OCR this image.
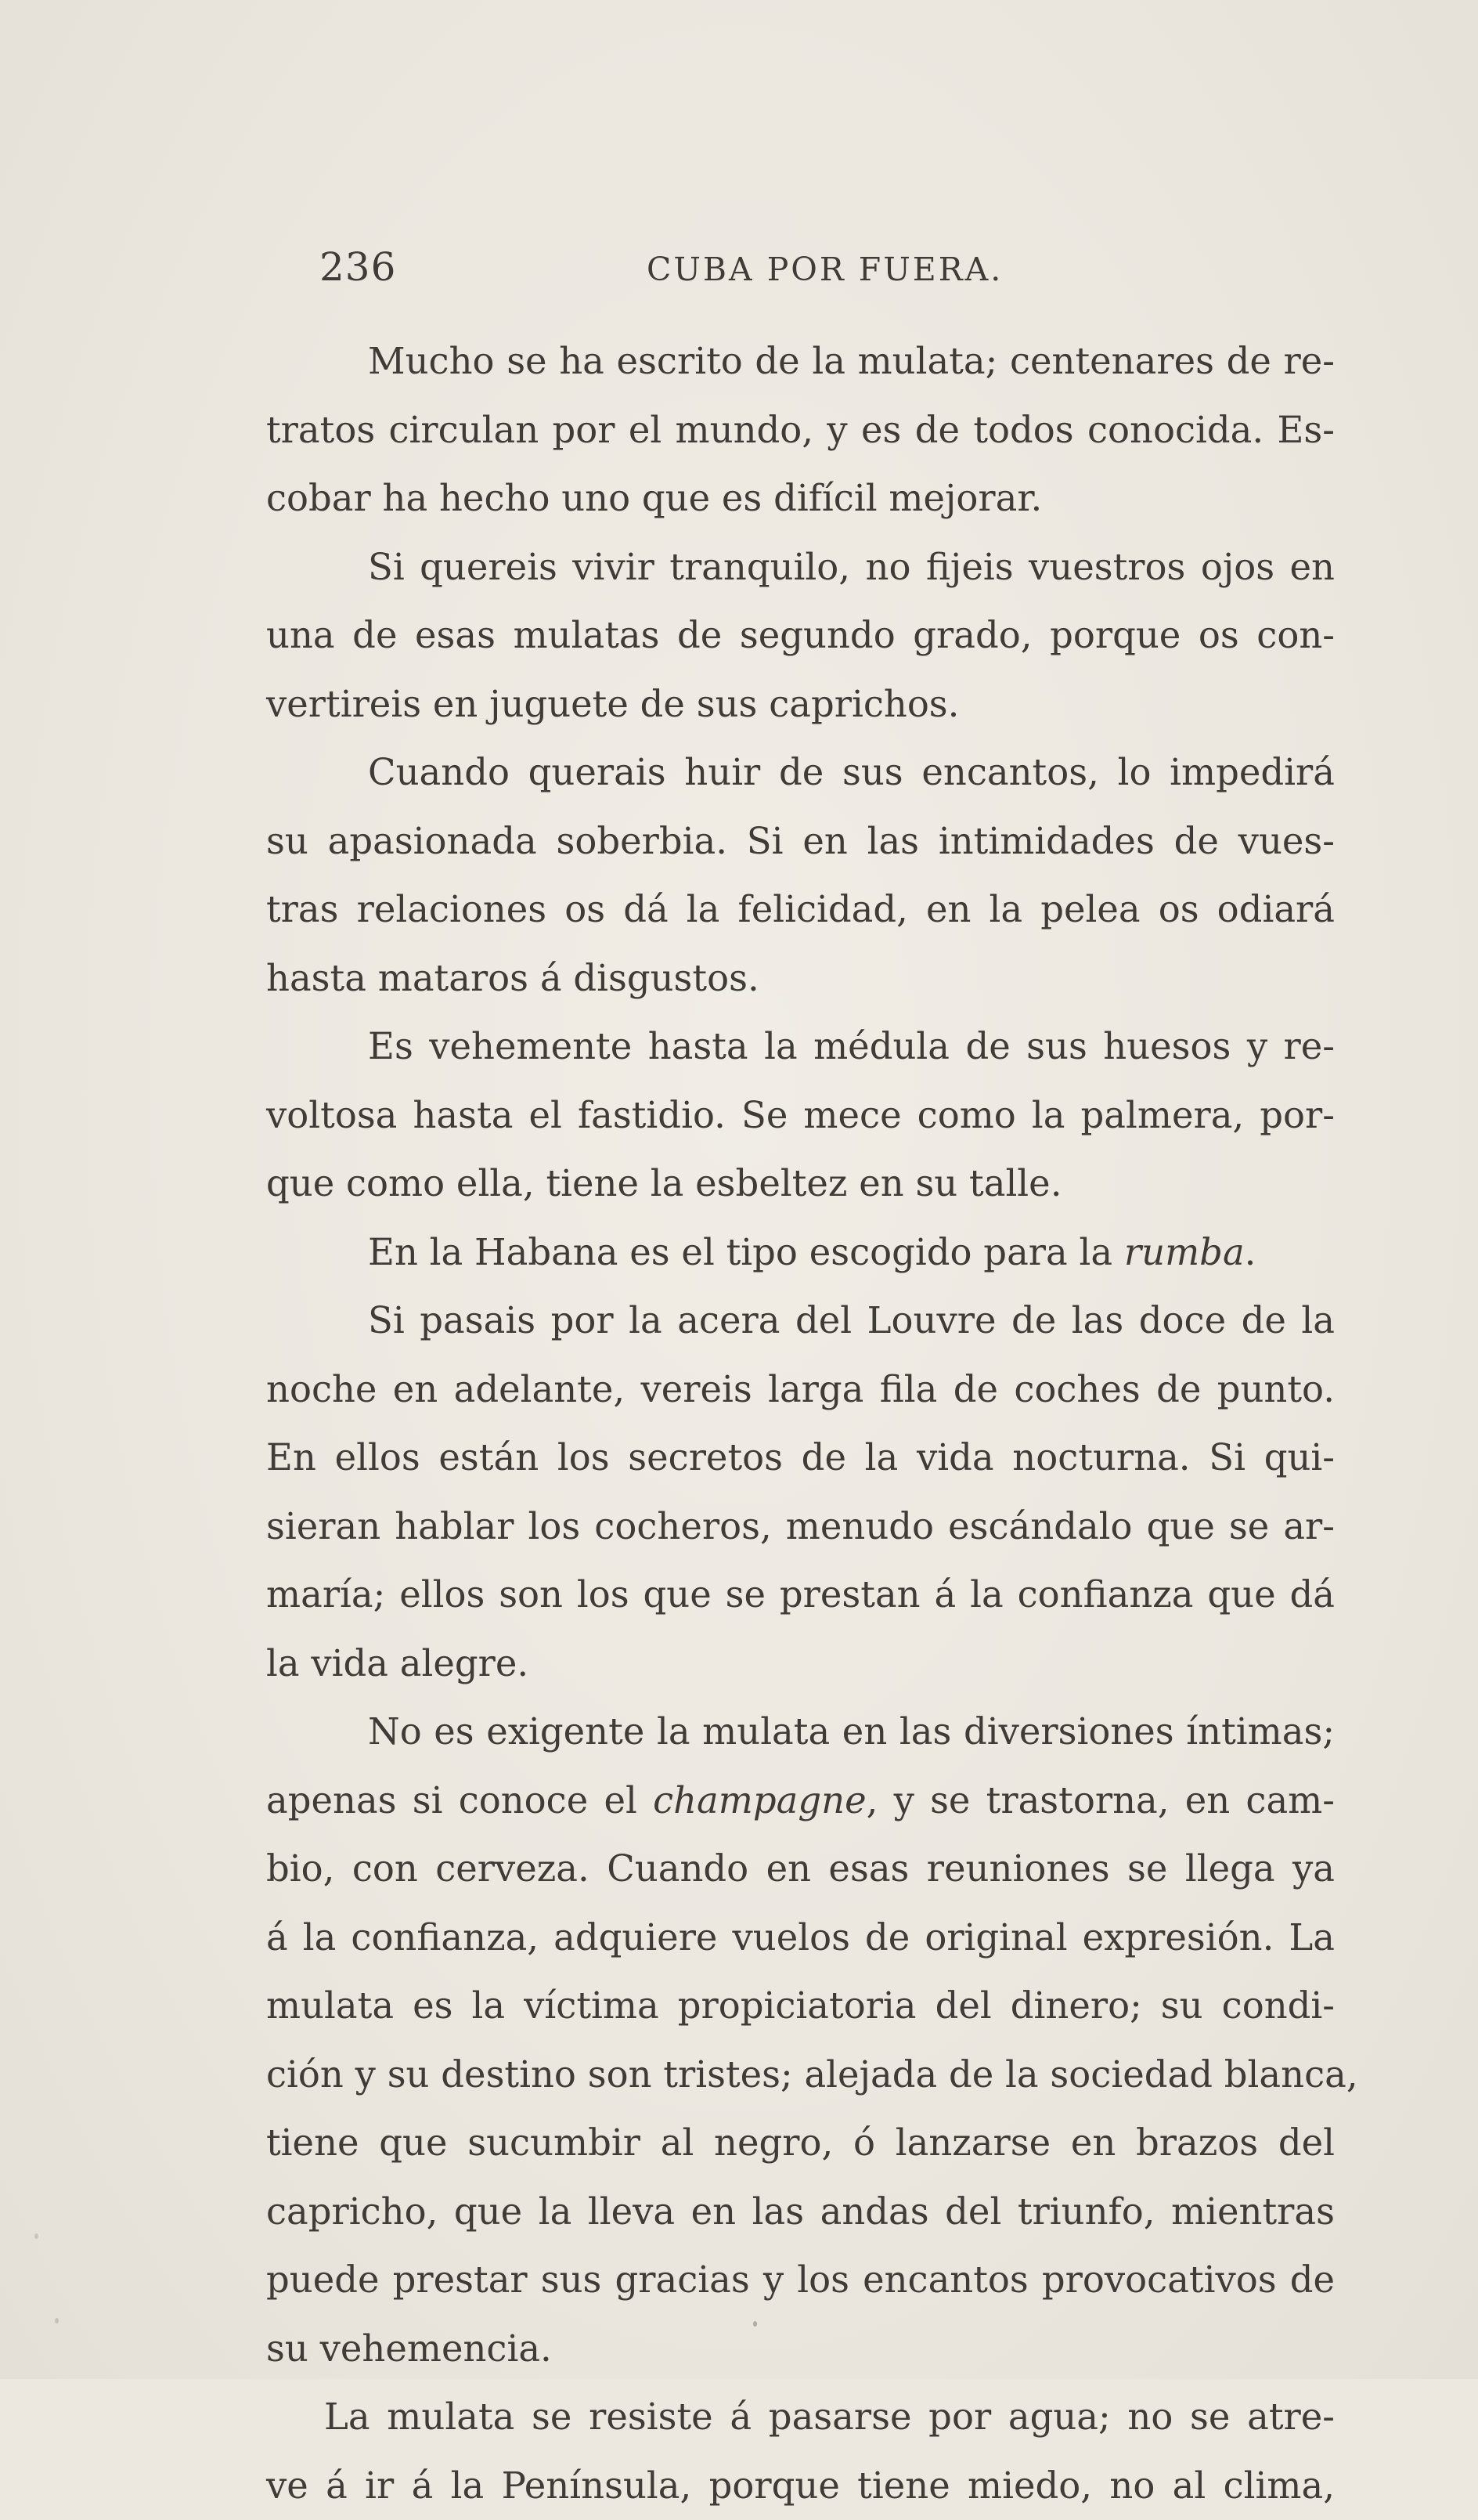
236	CUBA POR FUERA.
Mucho se ha escrito de la mulata; centenares de re-
tratos circulan por el mundo, y es de todos conocida. Es-
cobar ha hecho uno que es difícil mejorar.
Si quereis vivir tranquilo, no fijeis vuestros ojos en
una de esas mulatas de segundo grado, porque os con-
vertireis en juguete de sus caprichos.
Cuando querais huir de sus encantos, lo impedirá
su apasionada soberbia. Si en las intimidades de vues-
tras relaciones os dá la felicidad, en la pelea os odiará
hasta mataros á disgustos.
Es vehemente hasta la médula de sus huesos y re-
voltosa hasta el fastidio. Se mece como la palmera, por-
que como ella, tiene la esbeltez en su talle.
En la Habana es el tipo escogido para la rumba.
Si pasais por la acera del Louvre de las doce de la
noche en adelante, vereis larga fila de coches de punto.
En ellos están los secretos de la vida nocturna. Si qui-
sieran hablar los cocheros, menudo escándalo que se ar-
maría; ellos son los que se prestan á la confianza que dá
la vida alegre.
No es exigente la mulata en las diversiones íntimas;
apenas si conoce el champagne, y se trastorna, en cam-
bio, con cerveza. Cuando en esas reuniones se llega ya
á la confianza, adquiere vuelos de original expresión. La
mulata es la víctima propiciatoria del dinero; su condi-
ción y su destino son tristes; alejada de la sociedad blanca,
tiene que sucumbir al negro, ó lanzarse en brazos del
capricho, que la lleva en las andas del triunfo, mientras
puede prestar sus gracias y los encantos provocativos de
su vehemencia.
La mulata se resiste á pasarse por agua; no se atre-
ve á ir á la Península, porque tiene miedo, no al clima,
